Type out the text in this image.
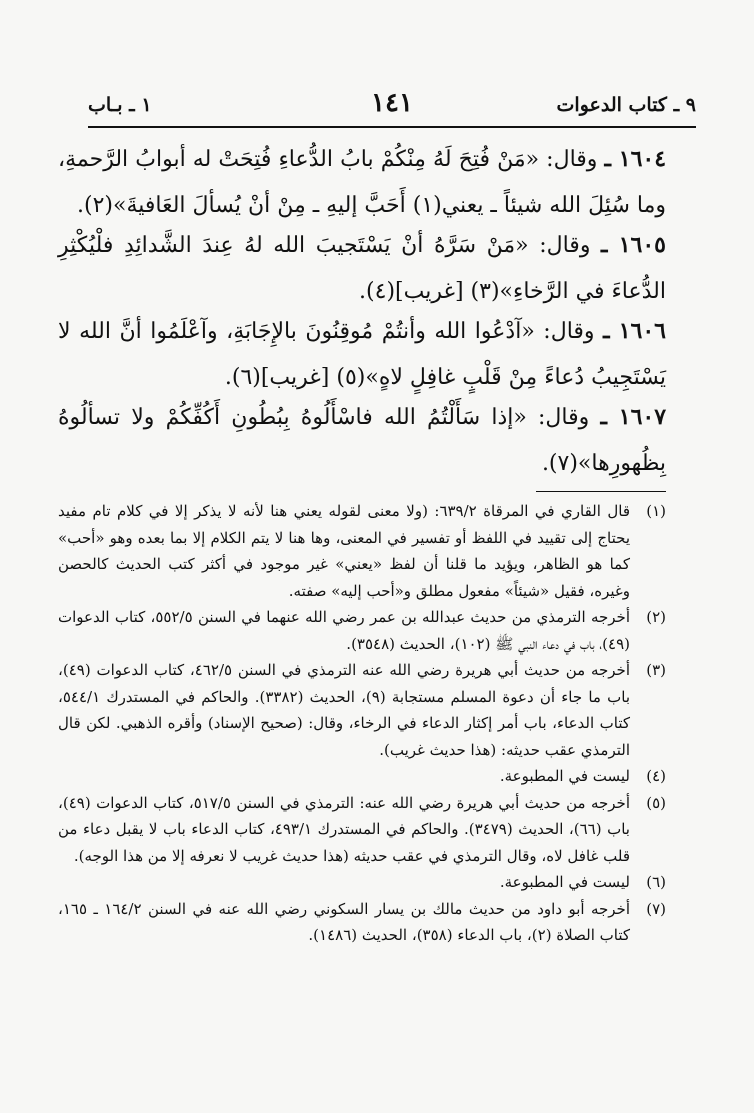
٩ ـ كتاب الدعوات
١٤١
١ ـ بـاب

١٦٠٤ ـ وقال: «مَنْ فُتِحَ لَهُ مِنْكُمْ بابُ الدُّعاءِ فُتِحَتْ له أبوابُ الرَّحمةِ، وما سُئِلَ الله شيئاً ـ يعني(١) أَحَبَّ إليهِ ـ مِنْ أنْ يُسألَ العَافيةَ»(٢).

١٦٠٥ ـ وقال: «مَنْ سَرَّهُ أنْ يَسْتَجيبَ الله لهُ عِندَ الشَّدائِدِ فلْيُكْثِرِ الدُّعاءَ في الرَّخاءِ»(٣) [غريب](٤).

١٦٠٦ ـ وقال: «آدْعُوا الله وأنتُمْ مُوقِنُونَ بالإِجَابَةِ، وآعْلَمُوا أنَّ الله لا يَسْتَجِيبُ دُعاءً مِنْ قَلْبٍ غافِلٍ لاهٍ»(٥) [غريب](٦).

١٦٠٧ ـ وقال: «إذا سَأَلْتُمُ الله فاسْأَلُوهُ بِبُطُونِ أَكُفِّكُمْ ولا تسألُوهُ بِظُهورِها»(٧).

(١)
قال القاري في المرقاة ٦٣٩/٢: (ولا معنى لقوله يعني هنا لأنه لا يذكر إلا في كلام تام مفيد يحتاج إلى تقييد في اللفظ أو تفسير في المعنى، وها هنا لا يتم الكلام إلا بما بعده وهو «أحب» كما هو الظاهر، ويؤيد ما قلنا أن لفظ «يعني» غير موجود في أكثر كتب الحديث كالحصن وغيره، فقيل «شيئاً» مفعول مطلق و«أحب إليه» صفته.

(٢)
أخرجه الترمذي من حديث عبدالله بن عمر رضي الله عنهما في السنن ٥٥٢/٥، كتاب الدعوات (٤٩)، باب في دعاء النبي ﷺ (١٠٢)، الحديث (٣٥٤٨).

(٣)
أخرجه من حديث أبي هريرة رضي الله عنه الترمذي في السنن ٤٦٢/٥، كتاب الدعوات (٤٩)، باب ما جاء أن دعوة المسلم مستجابة (٩)، الحديث (٣٣٨٢). والحاكم في المستدرك ٥٤٤/١، كتاب الدعاء، باب أمر إكثار الدعاء في الرخاء، وقال: (صحيح الإسناد) وأقره الذهبي. لكن قال الترمذي عقب حديثه: (هذا حديث غريب).

(٤)
ليست في المطبوعة.

(٥)
أخرجه من حديث أبي هريرة رضي الله عنه: الترمذي في السنن ٥١٧/٥، كتاب الدعوات (٤٩)، باب (٦٦)، الحديث (٣٤٧٩). والحاكم في المستدرك ٤٩٣/١، كتاب الدعاء باب لا يقبل دعاء من قلب غافل لاه، وقال الترمذي في عقب حديثه (هذا حديث غريب لا نعرفه إلا من هذا الوجه).

(٦)
ليست في المطبوعة.

(٧)
أخرجه أبو داود من حديث مالك بن يسار السكوني رضي الله عنه في السنن ١٦٤/٢ ـ ١٦٥، كتاب الصلاة (٢)، باب الدعاء (٣٥٨)، الحديث (١٤٨٦).
